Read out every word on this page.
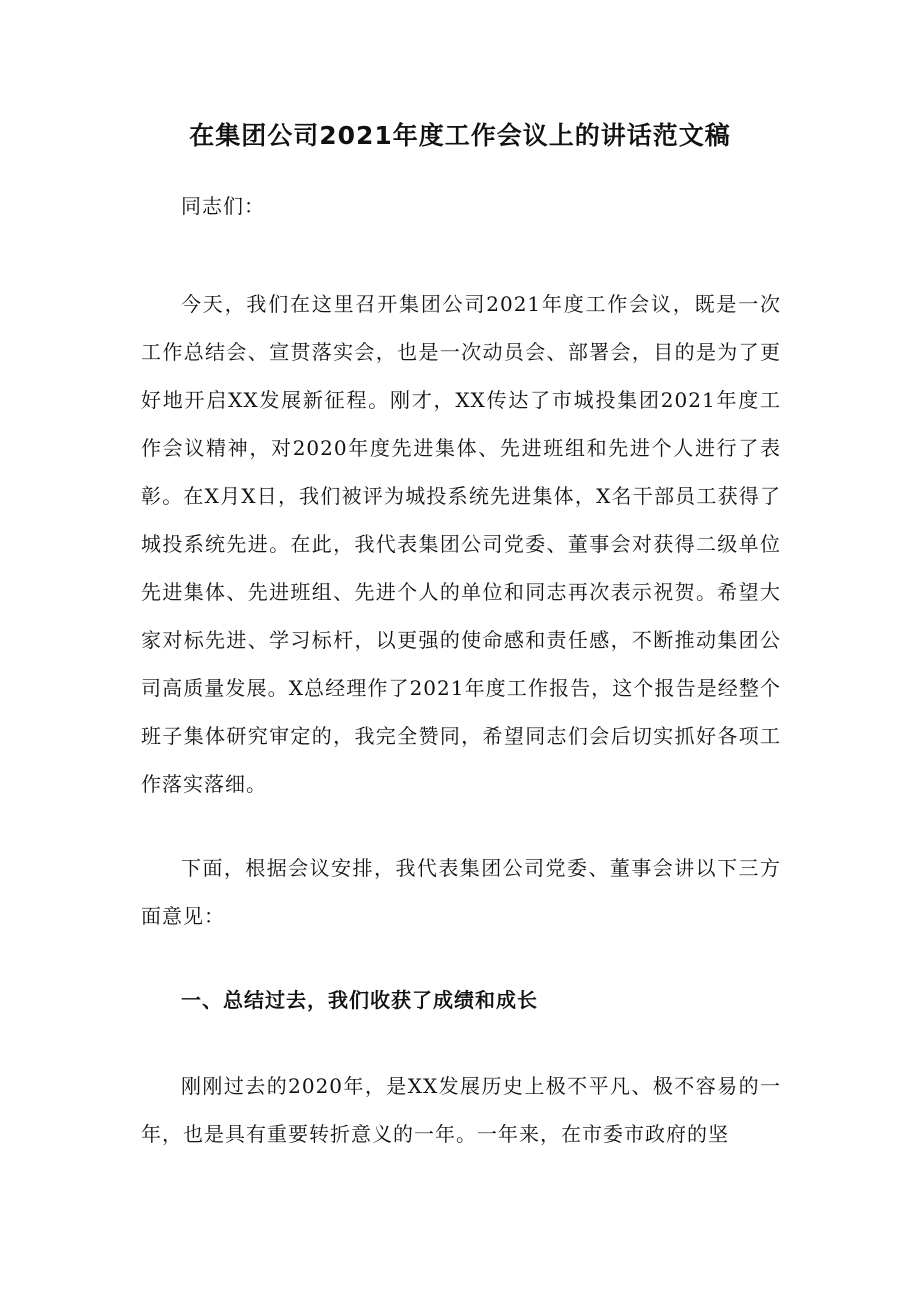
在集团公司2021年度工作会议上的讲话范文稿

同志们：

今天，我们在这里召开集团公司2021年度工作会议，既是一次工作总结会、宣贯落实会，也是一次动员会、部署会，目的是为了更好地开启XX发展新征程。刚才，XX传达了市城投集团2021年度工作会议精神，对2020年度先进集体、先进班组和先进个人进行了表彰。在X月X日，我们被评为城投系统先进集体，X名干部员工获得了城投系统先进。在此，我代表集团公司党委、董事会对获得二级单位先进集体、先进班组、先进个人的单位和同志再次表示祝贺。希望大家对标先进、学习标杆，以更强的使命感和责任感，不断推动集团公司高质量发展。X总经理作了2021年度工作报告，这个报告是经整个班子集体研究审定的，我完全赞同，希望同志们会后切实抓好各项工作落实落细。

下面，根据会议安排，我代表集团公司党委、董事会讲以下三方面意见：

一、总结过去，我们收获了成绩和成长

刚刚过去的2020年，是XX发展历史上极不平凡、极不容易的一年，也是具有重要转折意义的一年。一年来，在市委市政府的坚
